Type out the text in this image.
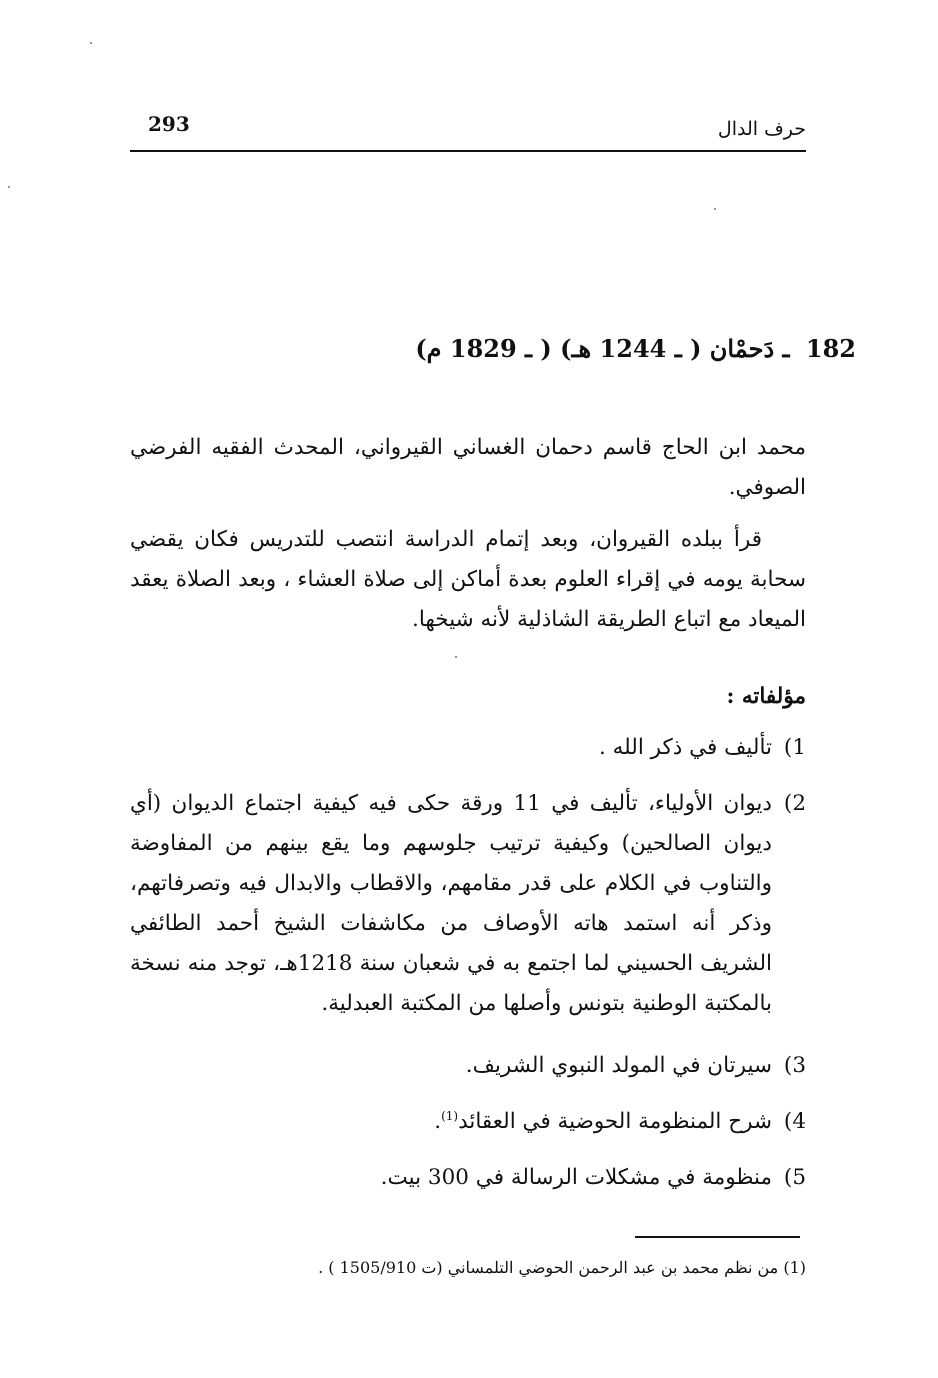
293	حرف الدال
182 ـ دَحمْان ( ـ 1244 هـ) ( ـ 1829 م)

محمد ابن الحاج قاسم دحمان الغساني القيرواني، المحدث الفقيه الفرضي الصوفي.

قرأ ببلده القيروان، وبعد إتمام الدراسة انتصب للتدريس فكان يقضي سحابة يومه في إقراء العلوم بعدة أماكن إلى صلاة العشاء ، وبعد الصلاة يعقد الميعاد مع اتباع الطريقة الشاذلية لأنه شيخها.

مؤلفاته :
1)
تأليف في ذكر الله .
2)
ديوان الأولياء، تأليف في 11 ورقة حكى فيه كيفية اجتماع الديوان (أي ديوان الصالحين) وكيفية ترتيب جلوسهم وما يقع بينهم من المفاوضة والتناوب في الكلام على قدر مقامهم، والاقطاب والابدال فيه وتصرفاتهم، وذكر أنه استمد هاته الأوصاف من مكاشفات الشيخ أحمد الطائفي الشريف الحسيني لما اجتمع به في شعبان سنة 1218هـ، توجد منه نسخة بالمكتبة الوطنية بتونس وأصلها من المكتبة العبدلية.
3)
سيرتان في المولد النبوي الشريف.
4)
شرح المنظومة الحوضية في العقائد$^{(1)}$.
5)
منظومة في مشكلات الرسالة في 300 بيت.

(1) من نظم محمد بن عبد الرحمن الحوضي التلمساني (ت 1505/910 ) .
